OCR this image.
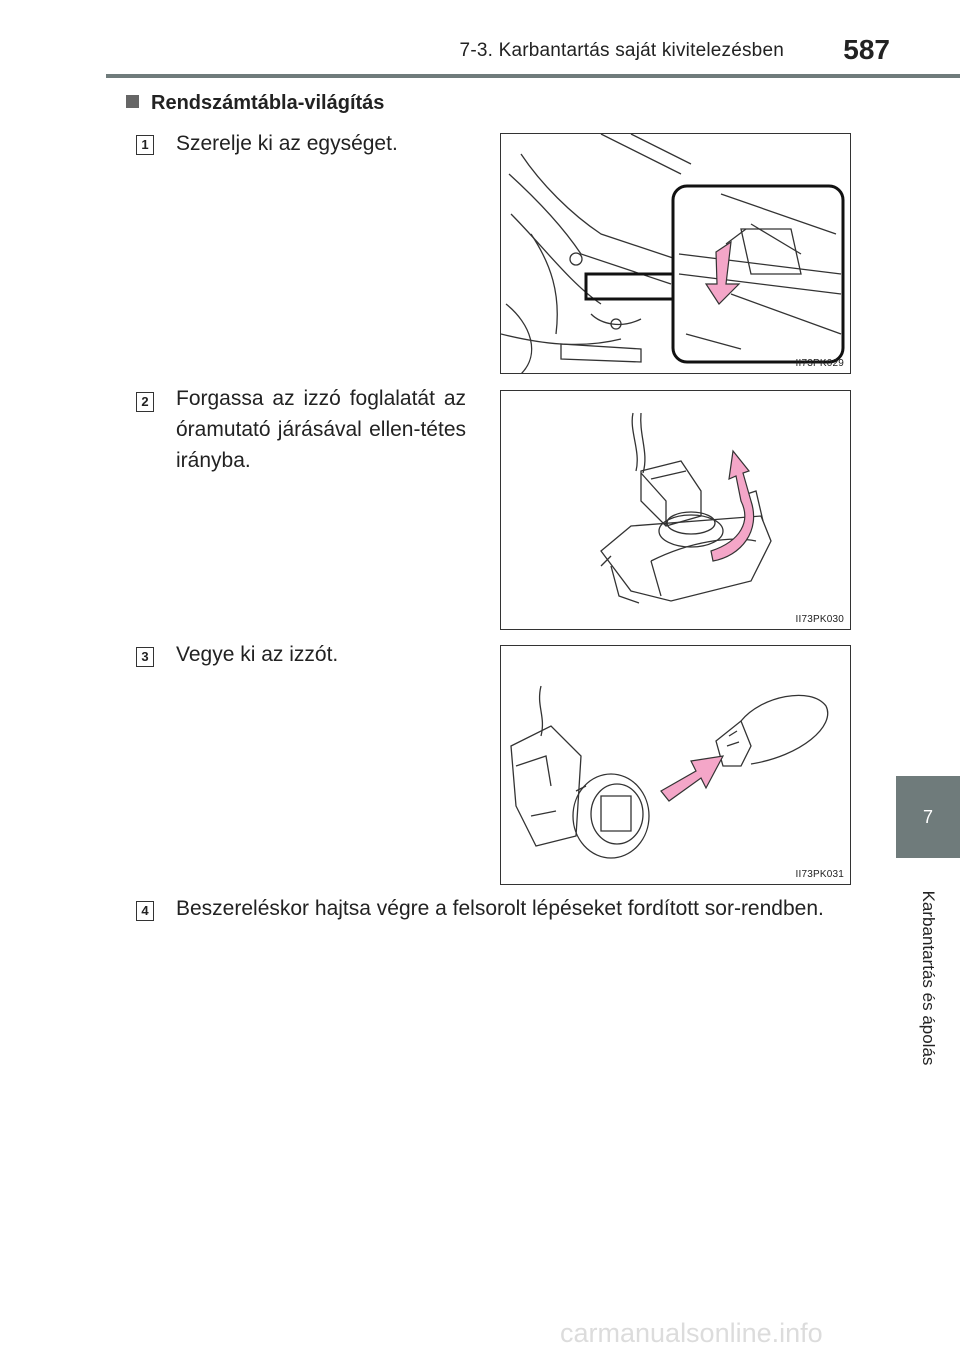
7-3. Karbantartás saját kivitelezésben	587
7
Karbantartás és ápolás
Rendszámtábla-világítás
1 Szerelje ki az egységet.
II73PK029
2 Forgassa az izzó foglalatát az óramutató járásával ellen-tétes irányba.
II73PK030
3 Vegye ki az izzót.
II73PK031
4 Beszereléskor hajtsa végre a felsorolt lépéseket fordított sor-rendben.
carmanualsonline.info
